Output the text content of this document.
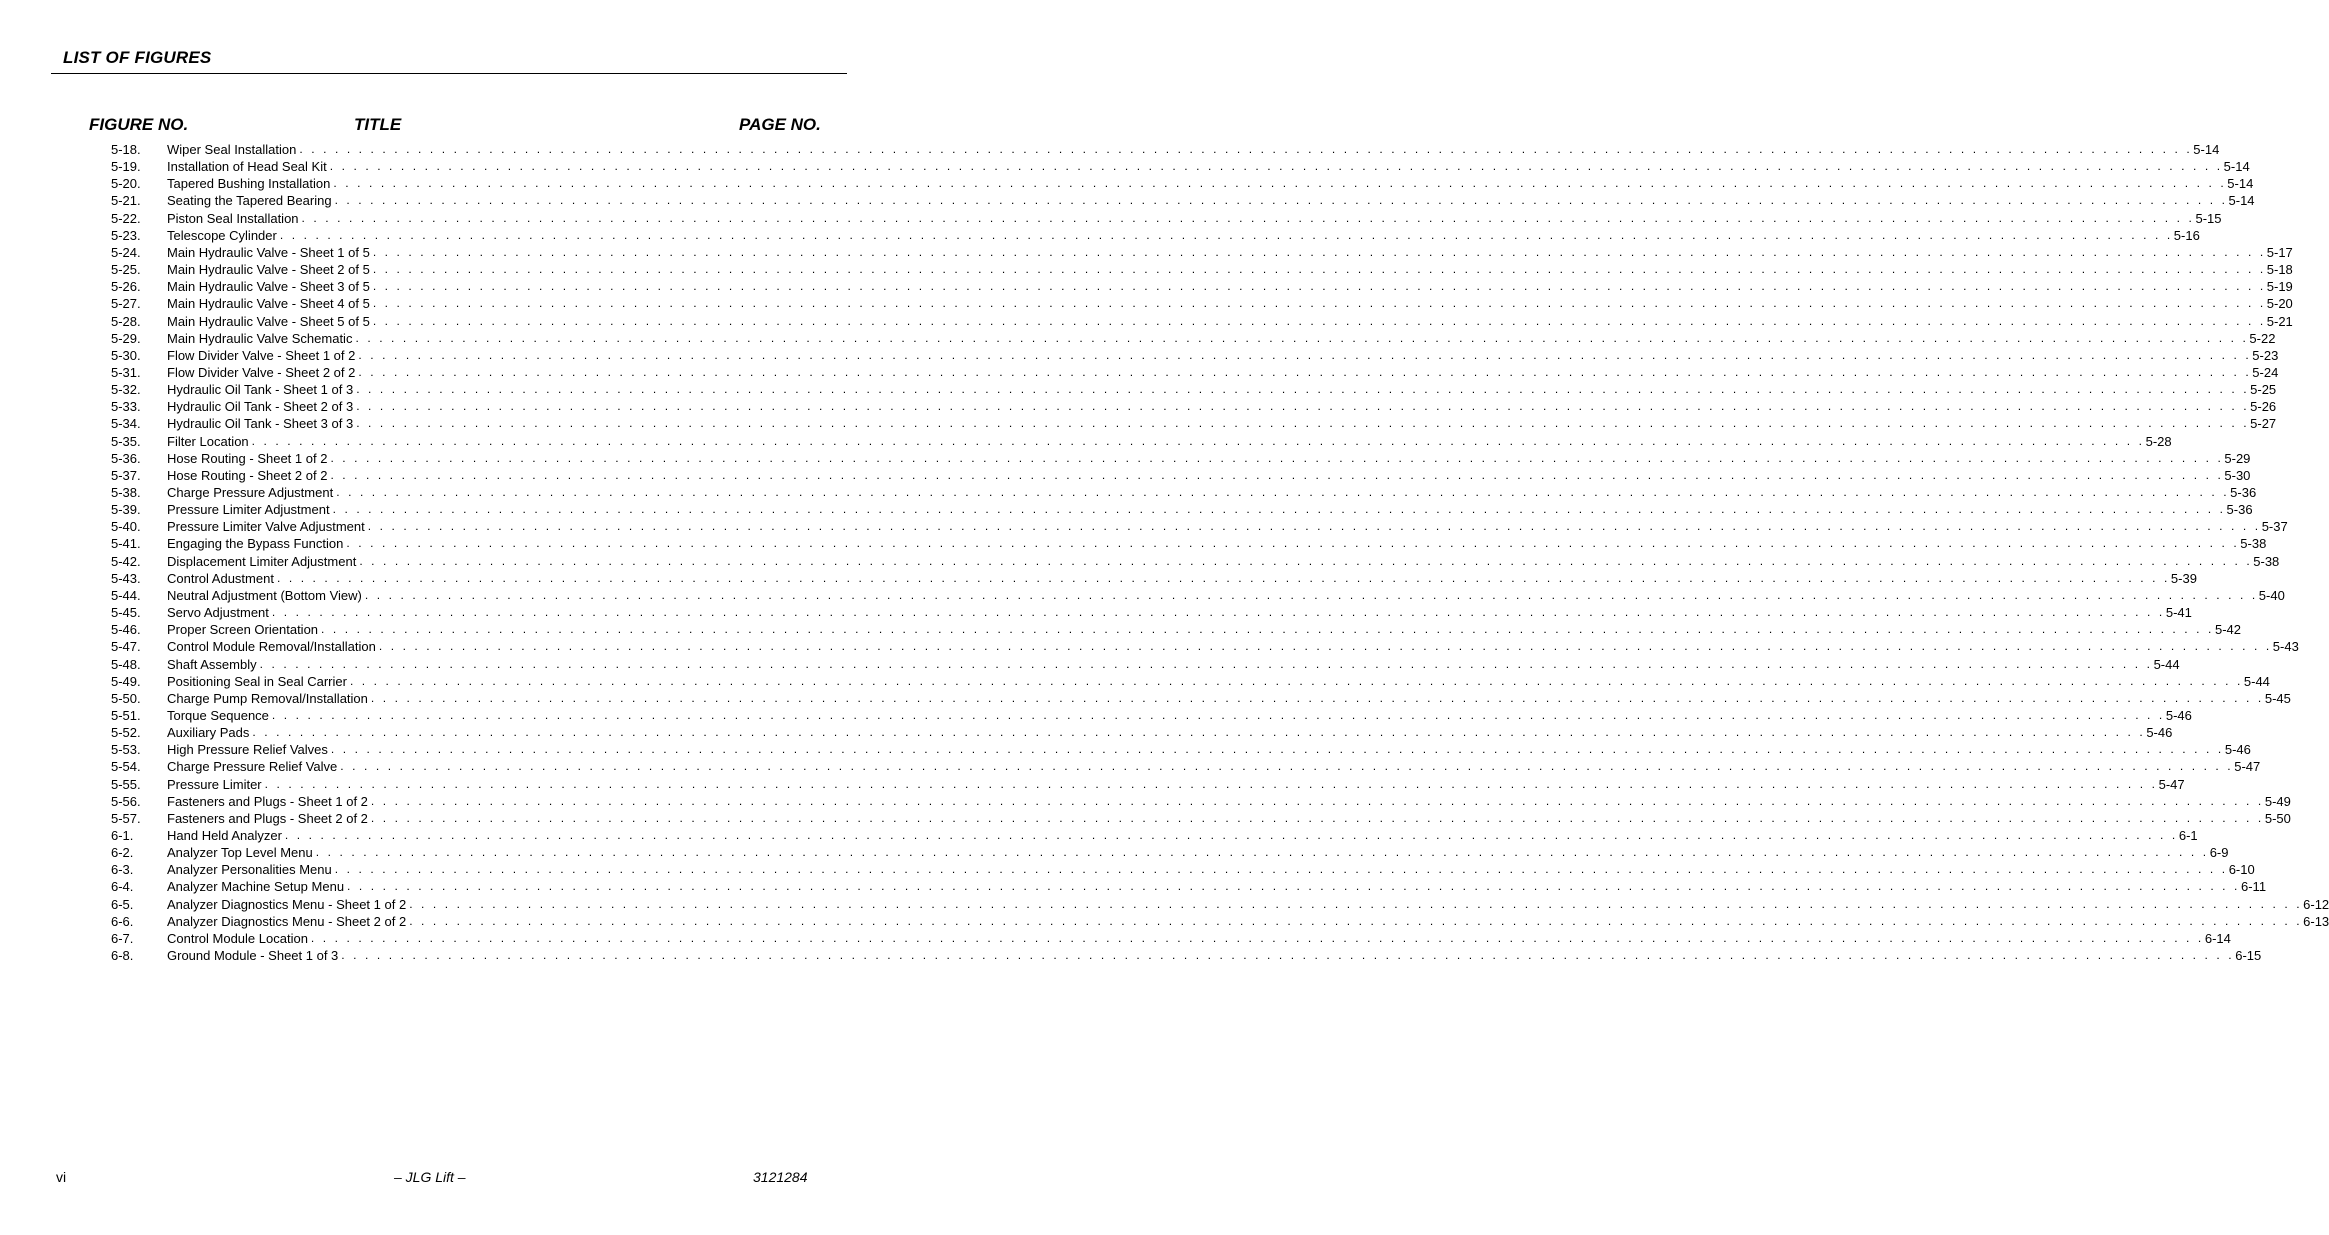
LIST OF FIGURES
FIGURE NO.	TITLE	PAGE NO.
5-18. Wiper Seal Installation . . . . . . . . . . . . . . . . . . . . . . . . . . . . . . . . . . . . . . . . . . . . . . . . . . . . . . . . . . . . . . . . . . . . . . . . . . . . . . . . . . . . . . . . . . . . . . . . . . . . . . . . . . . . . . . . . . . . . . . . . . . . . . . . . . . . . . . . . . . . . . . . . . . . . . . . . . . . . . . . 5-14
5-19. Installation of Head Seal Kit . . . . . . . . . . . . . . . . . . . . . . . . . . . . . . . . . . . . . . . . . . . . . . . . . . . . . . . . . . . . . . . . . . . . . . . . . . . . . . . . . . . . . . . . . . . . . . . . . . . . . . . . . . . . . . . . . . . . . . . . . . . . . . . . . . . . . . . . . . . . . . . . . . . . . . . . . . . . . . . . 5-14
5-20. Tapered Bushing Installation . . . . . . . . . . . . . . . . . . . . . . . . . . . . . . . . . . . . . . . . . . . . . . . . . . . . . . . . . . . . . . . . . . . . . . . . . . . . . . . . . . . . . . . . . . . . . . . . . . . . . . . . . . . . . . . . . . . . . . . . . . . . . . . . . . . . . . . . . . . . . . . . . . . . . . . . . . . . . . . . 5-14
5-21. Seating the Tapered Bearing . . . . . . . . . . . . . . . . . . . . . . . . . . . . . . . . . . . . . . . . . . . . . . . . . . . . . . . . . . . . . . . . . . . . . . . . . . . . . . . . . . . . . . . . . . . . . . . . . . . . . . . . . . . . . . . . . . . . . . . . . . . . . . . . . . . . . . . . . . . . . . . . . . . . . . . . . . . . . . . . 5-14
5-22. Piston Seal Installation . . . . . . . . . . . . . . . . . . . . . . . . . . . . . . . . . . . . . . . . . . . . . . . . . . . . . . . . . . . . . . . . . . . . . . . . . . . . . . . . . . . . . . . . . . . . . . . . . . . . . . . . . . . . . . . . . . . . . . . . . . . . . . . . . . . . . . . . . . . . . . . . . . . . . . . . . . . . . . . . 5-15
5-23. Telescope Cylinder . . . . . . . . . . . . . . . . . . . . . . . . . . . . . . . . . . . . . . . . . . . . . . . . . . . . . . . . . . . . . . . . . . . . . . . . . . . . . . . . . . . . . . . . . . . . . . . . . . . . . . . . . . . . . . . . . . . . . . . . . . . . . . . . . . . . . . . . . . . . . . . . . . . . . . . . . . . . . . . . 5-16
5-24. Main Hydraulic Valve - Sheet 1 of 5 . . . . . . . . . . . . . . . . . . . . . . . . . . . . . . . . . . . . . . . . . . . . . . . . . . . . . . . . . . . . . . . . . . . . . . . . . . . . . . . . . . . . . . . . . . . . . . . . . . . . . . . . . . . . . . . . . . . . . . . . . . . . . . . . . . . . . . . . . . . . . . . . . . . . . . . . . . . . . . . . 5-17
5-25. Main Hydraulic Valve - Sheet 2 of 5 . . . . . . . . . . . . . . . . . . . . . . . . . . . . . . . . . . . . . . . . . . . . . . . . . . . . . . . . . . . . . . . . . . . . . . . . . . . . . . . . . . . . . . . . . . . . . . . . . . . . . . . . . . . . . . . . . . . . . . . . . . . . . . . . . . . . . . . . . . . . . . . . . . . . . . . . . . . . . . . . 5-18
5-26. Main Hydraulic Valve - Sheet 3 of 5 . . . . . . . . . . . . . . . . . . . . . . . . . . . . . . . . . . . . . . . . . . . . . . . . . . . . . . . . . . . . . . . . . . . . . . . . . . . . . . . . . . . . . . . . . . . . . . . . . . . . . . . . . . . . . . . . . . . . . . . . . . . . . . . . . . . . . . . . . . . . . . . . . . . . . . . . . . . . . . . . 5-19
5-27. Main Hydraulic Valve - Sheet 4 of 5 . . . . . . . . . . . . . . . . . . . . . . . . . . . . . . . . . . . . . . . . . . . . . . . . . . . . . . . . . . . . . . . . . . . . . . . . . . . . . . . . . . . . . . . . . . . . . . . . . . . . . . . . . . . . . . . . . . . . . . . . . . . . . . . . . . . . . . . . . . . . . . . . . . . . . . . . . . . . . . . . 5-20
5-28. Main Hydraulic Valve - Sheet 5 of 5 . . . . . . . . . . . . . . . . . . . . . . . . . . . . . . . . . . . . . . . . . . . . . . . . . . . . . . . . . . . . . . . . . . . . . . . . . . . . . . . . . . . . . . . . . . . . . . . . . . . . . . . . . . . . . . . . . . . . . . . . . . . . . . . . . . . . . . . . . . . . . . . . . . . . . . . . . . . . . . . . 5-21
5-29. Main Hydraulic Valve Schematic . . . . . . . . . . . . . . . . . . . . . . . . . . . . . . . . . . . . . . . . . . . . . . . . . . . . . . . . . . . . . . . . . . . . . . . . . . . . . . . . . . . . . . . . . . . . . . . . . . . . . . . . . . . . . . . . . . . . . . . . . . . . . . . . . . . . . . . . . . . . . . . . . . . . . . . . . . . . . . . . 5-22
5-30. Flow Divider Valve - Sheet 1 of 2 . . . . . . . . . . . . . . . . . . . . . . . . . . . . . . . . . . . . . . . . . . . . . . . . . . . . . . . . . . . . . . . . . . . . . . . . . . . . . . . . . . . . . . . . . . . . . . . . . . . . . . . . . . . . . . . . . . . . . . . . . . . . . . . . . . . . . . . . . . . . . . . . . . . . . . . . . . . . . . . . 5-23
5-31. Flow Divider Valve - Sheet 2 of 2 . . . . . . . . . . . . . . . . . . . . . . . . . . . . . . . . . . . . . . . . . . . . . . . . . . . . . . . . . . . . . . . . . . . . . . . . . . . . . . . . . . . . . . . . . . . . . . . . . . . . . . . . . . . . . . . . . . . . . . . . . . . . . . . . . . . . . . . . . . . . . . . . . . . . . . . . . . . . . . . . 5-24
5-32. Hydraulic Oil Tank - Sheet 1 of 3 . . . . . . . . . . . . . . . . . . . . . . . . . . . . . . . . . . . . . . . . . . . . . . . . . . . . . . . . . . . . . . . . . . . . . . . . . . . . . . . . . . . . . . . . . . . . . . . . . . . . . . . . . . . . . . . . . . . . . . . . . . . . . . . . . . . . . . . . . . . . . . . . . . . . . . . . . . . . . . . . 5-25
5-33. Hydraulic Oil Tank - Sheet 2 of 3 . . . . . . . . . . . . . . . . . . . . . . . . . . . . . . . . . . . . . . . . . . . . . . . . . . . . . . . . . . . . . . . . . . . . . . . . . . . . . . . . . . . . . . . . . . . . . . . . . . . . . . . . . . . . . . . . . . . . . . . . . . . . . . . . . . . . . . . . . . . . . . . . . . . . . . . . . . . . . . . . 5-26
5-34. Hydraulic Oil Tank - Sheet 3 of 3 . . . . . . . . . . . . . . . . . . . . . . . . . . . . . . . . . . . . . . . . . . . . . . . . . . . . . . . . . . . . . . . . . . . . . . . . . . . . . . . . . . . . . . . . . . . . . . . . . . . . . . . . . . . . . . . . . . . . . . . . . . . . . . . . . . . . . . . . . . . . . . . . . . . . . . . . . . . . . . . . 5-27
5-35. Filter Location . . . . . . . . . . . . . . . . . . . . . . . . . . . . . . . . . . . . . . . . . . . . . . . . . . . . . . . . . . . . . . . . . . . . . . . . . . . . . . . . . . . . . . . . . . . . . . . . . . . . . . . . . . . . . . . . . . . . . . . . . . . . . . . . . . . . . . . . . . . . . . . . . . . . . . . . . . . . . . . . 5-28
5-36. Hose Routing - Sheet 1 of 2 . . . . . . . . . . . . . . . . . . . . . . . . . . . . . . . . . . . . . . . . . . . . . . . . . . . . . . . . . . . . . . . . . . . . . . . . . . . . . . . . . . . . . . . . . . . . . . . . . . . . . . . . . . . . . . . . . . . . . . . . . . . . . . . . . . . . . . . . . . . . . . . . . . . . . . . . . . . . . . . . 5-29
5-37. Hose Routing - Sheet 2 of 2 . . . . . . . . . . . . . . . . . . . . . . . . . . . . . . . . . . . . . . . . . . . . . . . . . . . . . . . . . . . . . . . . . . . . . . . . . . . . . . . . . . . . . . . . . . . . . . . . . . . . . . . . . . . . . . . . . . . . . . . . . . . . . . . . . . . . . . . . . . . . . . . . . . . . . . . . . . . . . . . . 5-30
5-38. Charge Pressure Adjustment . . . . . . . . . . . . . . . . . . . . . . . . . . . . . . . . . . . . . . . . . . . . . . . . . . . . . . . . . . . . . . . . . . . . . . . . . . . . . . . . . . . . . . . . . . . . . . . . . . . . . . . . . . . . . . . . . . . . . . . . . . . . . . . . . . . . . . . . . . . . . . . . . . . . . . . . . . . . . . . . 5-36
5-39. Pressure Limiter Adjustment . . . . . . . . . . . . . . . . . . . . . . . . . . . . . . . . . . . . . . . . . . . . . . . . . . . . . . . . . . . . . . . . . . . . . . . . . . . . . . . . . . . . . . . . . . . . . . . . . . . . . . . . . . . . . . . . . . . . . . . . . . . . . . . . . . . . . . . . . . . . . . . . . . . . . . . . . . . . . . . . 5-36
5-40. Pressure Limiter Valve Adjustment . . . . . . . . . . . . . . . . . . . . . . . . . . . . . . . . . . . . . . . . . . . . . . . . . . . . . . . . . . . . . . . . . . . . . . . . . . . . . . . . . . . . . . . . . . . . . . . . . . . . . . . . . . . . . . . . . . . . . . . . . . . . . . . . . . . . . . . . . . . . . . . . . . . . . . . . . . . . . . . . 5-37
5-41. Engaging the Bypass Function . . . . . . . . . . . . . . . . . . . . . . . . . . . . . . . . . . . . . . . . . . . . . . . . . . . . . . . . . . . . . . . . . . . . . . . . . . . . . . . . . . . . . . . . . . . . . . . . . . . . . . . . . . . . . . . . . . . . . . . . . . . . . . . . . . . . . . . . . . . . . . . . . . . . . . . . . . . . . . . . 5-38
5-42. Displacement Limiter Adjustment . . . . . . . . . . . . . . . . . . . . . . . . . . . . . . . . . . . . . . . . . . . . . . . . . . . . . . . . . . . . . . . . . . . . . . . . . . . . . . . . . . . . . . . . . . . . . . . . . . . . . . . . . . . . . . . . . . . . . . . . . . . . . . . . . . . . . . . . . . . . . . . . . . . . . . . . . . . . . . . . 5-38
5-43. Control Adustment . . . . . . . . . . . . . . . . . . . . . . . . . . . . . . . . . . . . . . . . . . . . . . . . . . . . . . . . . . . . . . . . . . . . . . . . . . . . . . . . . . . . . . . . . . . . . . . . . . . . . . . . . . . . . . . . . . . . . . . . . . . . . . . . . . . . . . . . . . . . . . . . . . . . . . . . . . . . . . . . 5-39
5-44. Neutral Adjustment (Bottom View) . . . . . . . . . . . . . . . . . . . . . . . . . . . . . . . . . . . . . . . . . . . . . . . . . . . . . . . . . . . . . . . . . . . . . . . . . . . . . . . . . . . . . . . . . . . . . . . . . . . . . . . . . . . . . . . . . . . . . . . . . . . . . . . . . . . . . . . . . . . . . . . . . . . . . . . . . . . . . . . . 5-40
5-45. Servo Adjustment . . . . . . . . . . . . . . . . . . . . . . . . . . . . . . . . . . . . . . . . . . . . . . . . . . . . . . . . . . . . . . . . . . . . . . . . . . . . . . . . . . . . . . . . . . . . . . . . . . . . . . . . . . . . . . . . . . . . . . . . . . . . . . . . . . . . . . . . . . . . . . . . . . . . . . . . . . . . . . . . 5-41
5-46. Proper Screen Orientation . . . . . . . . . . . . . . . . . . . . . . . . . . . . . . . . . . . . . . . . . . . . . . . . . . . . . . . . . . . . . . . . . . . . . . . . . . . . . . . . . . . . . . . . . . . . . . . . . . . . . . . . . . . . . . . . . . . . . . . . . . . . . . . . . . . . . . . . . . . . . . . . . . . . . . . . . . . . . . . . 5-42
5-47. Control Module Removal/Installation . . . . . . . . . . . . . . . . . . . . . . . . . . . . . . . . . . . . . . . . . . . . . . . . . . . . . . . . . . . . . . . . . . . . . . . . . . . . . . . . . . . . . . . . . . . . . . . . . . . . . . . . . . . . . . . . . . . . . . . . . . . . . . . . . . . . . . . . . . . . . . . . . . . . . . . . . . . . . . . . 5-43
5-48. Shaft Assembly . . . . . . . . . . . . . . . . . . . . . . . . . . . . . . . . . . . . . . . . . . . . . . . . . . . . . . . . . . . . . . . . . . . . . . . . . . . . . . . . . . . . . . . . . . . . . . . . . . . . . . . . . . . . . . . . . . . . . . . . . . . . . . . . . . . . . . . . . . . . . . . . . . . . . . . . . . . . . . . . 5-44
5-49. Positioning Seal in Seal Carrier . . . . . . . . . . . . . . . . . . . . . . . . . . . . . . . . . . . . . . . . . . . . . . . . . . . . . . . . . . . . . . . . . . . . . . . . . . . . . . . . . . . . . . . . . . . . . . . . . . . . . . . . . . . . . . . . . . . . . . . . . . . . . . . . . . . . . . . . . . . . . . . . . . . . . . . . . . . . . . . . 5-44
5-50. Charge Pump Removal/Installation . . . . . . . . . . . . . . . . . . . . . . . . . . . . . . . . . . . . . . . . . . . . . . . . . . . . . . . . . . . . . . . . . . . . . . . . . . . . . . . . . . . . . . . . . . . . . . . . . . . . . . . . . . . . . . . . . . . . . . . . . . . . . . . . . . . . . . . . . . . . . . . . . . . . . . . . . . . . . . . . 5-45
5-51. Torque Sequence . . . . . . . . . . . . . . . . . . . . . . . . . . . . . . . . . . . . . . . . . . . . . . . . . . . . . . . . . . . . . . . . . . . . . . . . . . . . . . . . . . . . . . . . . . . . . . . . . . . . . . . . . . . . . . . . . . . . . . . . . . . . . . . . . . . . . . . . . . . . . . . . . . . . . . . . . . . . . . . . 5-46
5-52. Auxiliary Pads . . . . . . . . . . . . . . . . . . . . . . . . . . . . . . . . . . . . . . . . . . . . . . . . . . . . . . . . . . . . . . . . . . . . . . . . . . . . . . . . . . . . . . . . . . . . . . . . . . . . . . . . . . . . . . . . . . . . . . . . . . . . . . . . . . . . . . . . . . . . . . . . . . . . . . . . . . . . . . . . 5-46
5-53. High Pressure Relief Valves . . . . . . . . . . . . . . . . . . . . . . . . . . . . . . . . . . . . . . . . . . . . . . . . . . . . . . . . . . . . . . . . . . . . . . . . . . . . . . . . . . . . . . . . . . . . . . . . . . . . . . . . . . . . . . . . . . . . . . . . . . . . . . . . . . . . . . . . . . . . . . . . . . . . . . . . . . . . . . . . 5-46
5-54. Charge Pressure Relief Valve . . . . . . . . . . . . . . . . . . . . . . . . . . . . . . . . . . . . . . . . . . . . . . . . . . . . . . . . . . . . . . . . . . . . . . . . . . . . . . . . . . . . . . . . . . . . . . . . . . . . . . . . . . . . . . . . . . . . . . . . . . . . . . . . . . . . . . . . . . . . . . . . . . . . . . . . . . . . . . . . 5-47
5-55. Pressure Limiter . . . . . . . . . . . . . . . . . . . . . . . . . . . . . . . . . . . . . . . . . . . . . . . . . . . . . . . . . . . . . . . . . . . . . . . . . . . . . . . . . . . . . . . . . . . . . . . . . . . . . . . . . . . . . . . . . . . . . . . . . . . . . . . . . . . . . . . . . . . . . . . . . . . . . . . . . . . . . . . . 5-47
5-56. Fasteners and Plugs - Sheet 1 of 2 . . . . . . . . . . . . . . . . . . . . . . . . . . . . . . . . . . . . . . . . . . . . . . . . . . . . . . . . . . . . . . . . . . . . . . . . . . . . . . . . . . . . . . . . . . . . . . . . . . . . . . . . . . . . . . . . . . . . . . . . . . . . . . . . . . . . . . . . . . . . . . . . . . . . . . . . . . . . . . . . 5-49
5-57. Fasteners and Plugs - Sheet 2 of 2 . . . . . . . . . . . . . . . . . . . . . . . . . . . . . . . . . . . . . . . . . . . . . . . . . . . . . . . . . . . . . . . . . . . . . . . . . . . . . . . . . . . . . . . . . . . . . . . . . . . . . . . . . . . . . . . . . . . . . . . . . . . . . . . . . . . . . . . . . . . . . . . . . . . . . . . . . . . . . . . . 5-50
6-1.	Hand Held Analyzer . . . . . . . . . . . . . . . . . . . . . . . . . . . . . . . . . . . . . . . . . . . . . . . . . . . . . . . . . . . . . . . . . . . . . . . . . . . . . . . . . . . . . . . . . . . . . . . . . . . . . . . . . . . . . . . . . . . . . . . . . . . . . . . . . . . . . . . . . . . . . . . . . . . . . . . . . . . . . . . . 6-1
6-2.	Analyzer Top Level Menu . . . . . . . . . . . . . . . . . . . . . . . . . . . . . . . . . . . . . . . . . . . . . . . . . . . . . . . . . . . . . . . . . . . . . . . . . . . . . . . . . . . . . . . . . . . . . . . . . . . . . . . . . . . . . . . . . . . . . . . . . . . . . . . . . . . . . . . . . . . . . . . . . . . . . . . . . . . . . . . . 6-9
6-3.	Analyzer Personalities Menu . . . . . . . . . . . . . . . . . . . . . . . . . . . . . . . . . . . . . . . . . . . . . . . . . . . . . . . . . . . . . . . . . . . . . . . . . . . . . . . . . . . . . . . . . . . . . . . . . . . . . . . . . . . . . . . . . . . . . . . . . . . . . . . . . . . . . . . . . . . . . . . . . . . . . . . . . . . . . . . . 6-10
6-4.	Analyzer Machine Setup Menu . . . . . . . . . . . . . . . . . . . . . . . . . . . . . . . . . . . . . . . . . . . . . . . . . . . . . . . . . . . . . . . . . . . . . . . . . . . . . . . . . . . . . . . . . . . . . . . . . . . . . . . . . . . . . . . . . . . . . . . . . . . . . . . . . . . . . . . . . . . . . . . . . . . . . . . . . . . . . . . . 6-11
6-5.	Analyzer Diagnostics Menu - Sheet 1 of 2 . . . . . . . . . . . . . . . . . . . . . . . . . . . . . . . . . . . . . . . . . . . . . . . . . . . . . . . . . . . . . . . . . . . . . . . . . . . . . . . . . . . . . . . . . . . . . . . . . . . . . . . . . . . . . . . . . . . . . . . . . . . . . . . . . . . . . . . . . . . . . . . . . . . . . . . . . . . . . . . . 6-12
6-6.	Analyzer Diagnostics Menu - Sheet 2 of 2 . . . . . . . . . . . . . . . . . . . . . . . . . . . . . . . . . . . . . . . . . . . . . . . . . . . . . . . . . . . . . . . . . . . . . . . . . . . . . . . . . . . . . . . . . . . . . . . . . . . . . . . . . . . . . . . . . . . . . . . . . . . . . . . . . . . . . . . . . . . . . . . . . . . . . . . . . . . . . . . . 6-13
6-7.	Control Module Location . . . . . . . . . . . . . . . . . . . . . . . . . . . . . . . . . . . . . . . . . . . . . . . . . . . . . . . . . . . . . . . . . . . . . . . . . . . . . . . . . . . . . . . . . . . . . . . . . . . . . . . . . . . . . . . . . . . . . . . . . . . . . . . . . . . . . . . . . . . . . . . . . . . . . . . . . . . . . . . . 6-14
6-8.	Ground Module - Sheet 1 of 3 . . . . . . . . . . . . . . . . . . . . . . . . . . . . . . . . . . . . . . . . . . . . . . . . . . . . . . . . . . . . . . . . . . . . . . . . . . . . . . . . . . . . . . . . . . . . . . . . . . . . . . . . . . . . . . . . . . . . . . . . . . . . . . . . . . . . . . . . . . . . . . . . . . . . . . . . . . . . . . . . 6-15
vi	– JLG Lift –	3121284
